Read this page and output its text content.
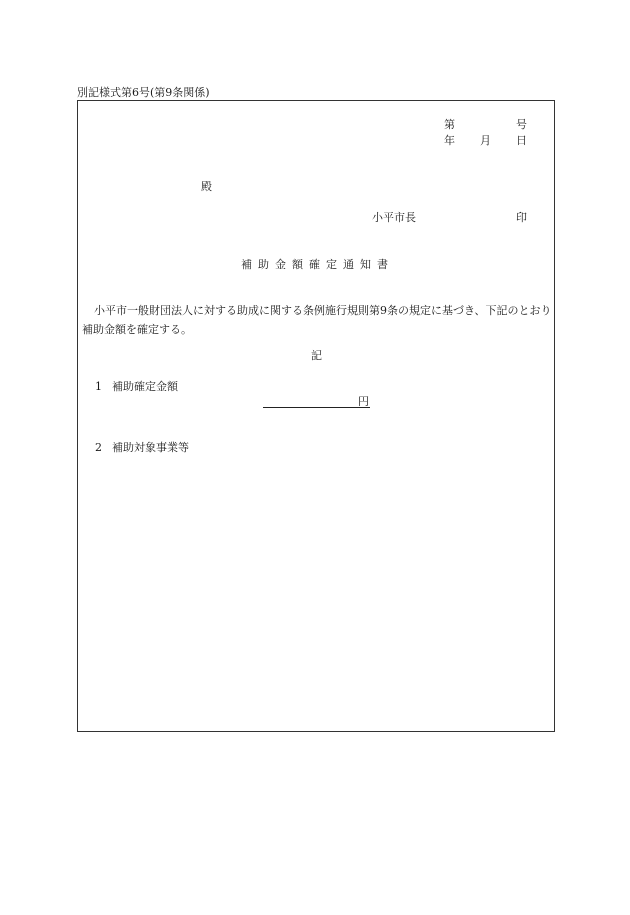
別記様式第6号(第9条関係)
第	号
年 月 日
殿
小平市長	印
補助金額確定通知書
小平市一般財団法人に対する助成に関する条例施行規則第9条の規定に基づき、下記のとおり補助金額を確定する。
記
1 補助確定金額
円
2 補助対象事業等
